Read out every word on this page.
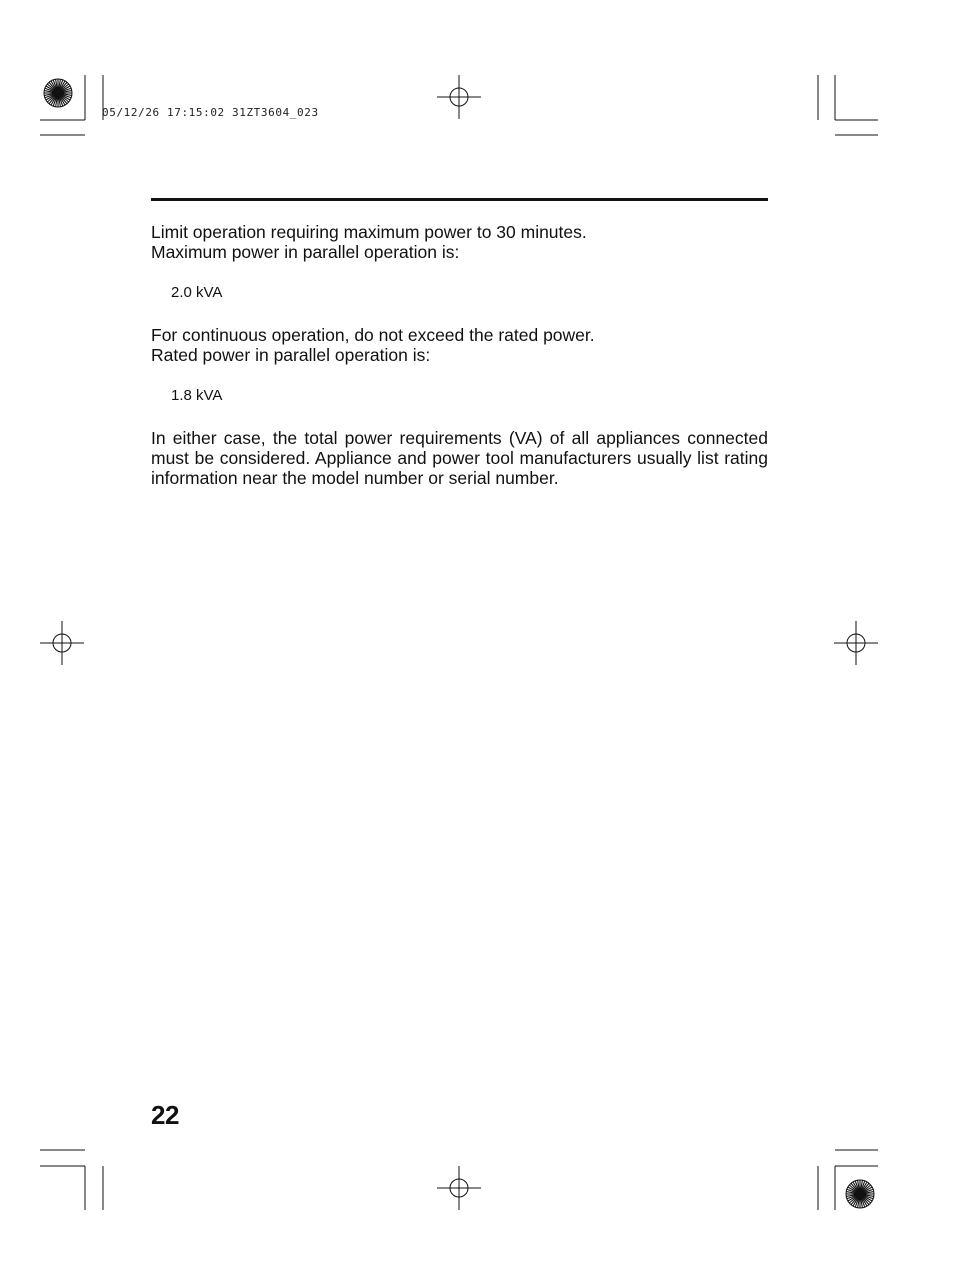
05/12/26 17:15:02 31ZT3604_023

Limit operation requiring maximum power to 30 minutes.

Maximum power in parallel operation is:

2.0 kVA

For continuous operation, do not exceed the rated power.

Rated power in parallel operation is:

1.8 kVA

In either case, the total power requirements (VA) of all appliances connected must be considered. Appliance and power tool manufacturers usually list rating information near the model number or serial number.

22
